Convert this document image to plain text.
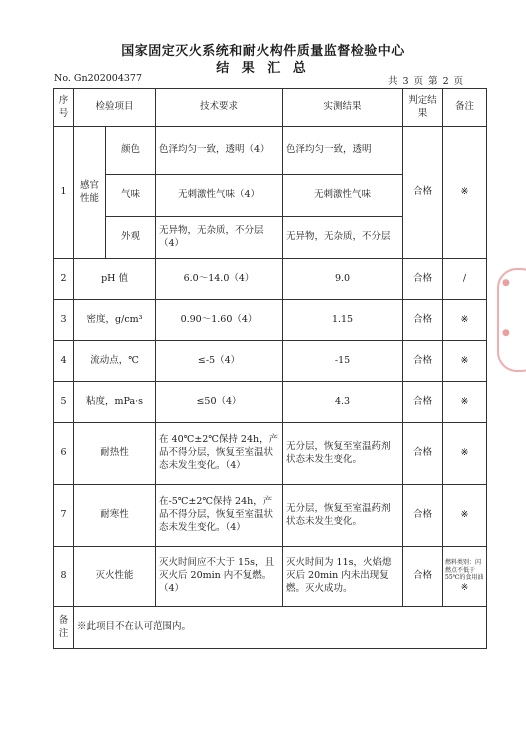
国家固定灭火系统和耐火构件质量监督检验中心
结 果 汇 总
No. Gn202004377	共 3 页 第 2 页
序号	检验项目		技术要求	实测结果	判定结果	备注
1	感官性能	颜色	色泽均匀一致，透明（4）	色泽均匀一致，透明	合格	※
		气味	无刺激性气味（4）	无刺激性气味		
		外观	无异物，无杂质，不分层（4）	无异物，无杂质，不分层		
2	pH 值		6.0～14.0（4）	9.0	合格	/
3	密度，g/cm³		0.90～1.60（4）	1.15	合格	※
4	流动点，℃		≤-5（4）	-15	合格	※
5	粘度，mPa·s		≤50（4）	4.3	合格	※
6	耐热性		在 40℃±2℃保持 24h，产品不得分层，恢复至室温状态未发生变化。（4）	无分层，恢复至室温药剂状态未发生变化。	合格	※
7	耐寒性		在-5℃±2℃保持 24h，产品不得分层，恢复至室温状态未发生变化。（4）	无分层，恢复至室温药剂状态未发生变化。	合格	※
8	灭火性能		灭火时间应不大于 15s，且灭火后 20min 内不复燃。（4）	灭火时间为 11s，火焰熄灭后 20min 内未出现复燃。灭火成功。	合格	燃料类别：闪燃点不低于 55℃的食用油
※

备注	※此项目不在认可范围内。					
●
●
